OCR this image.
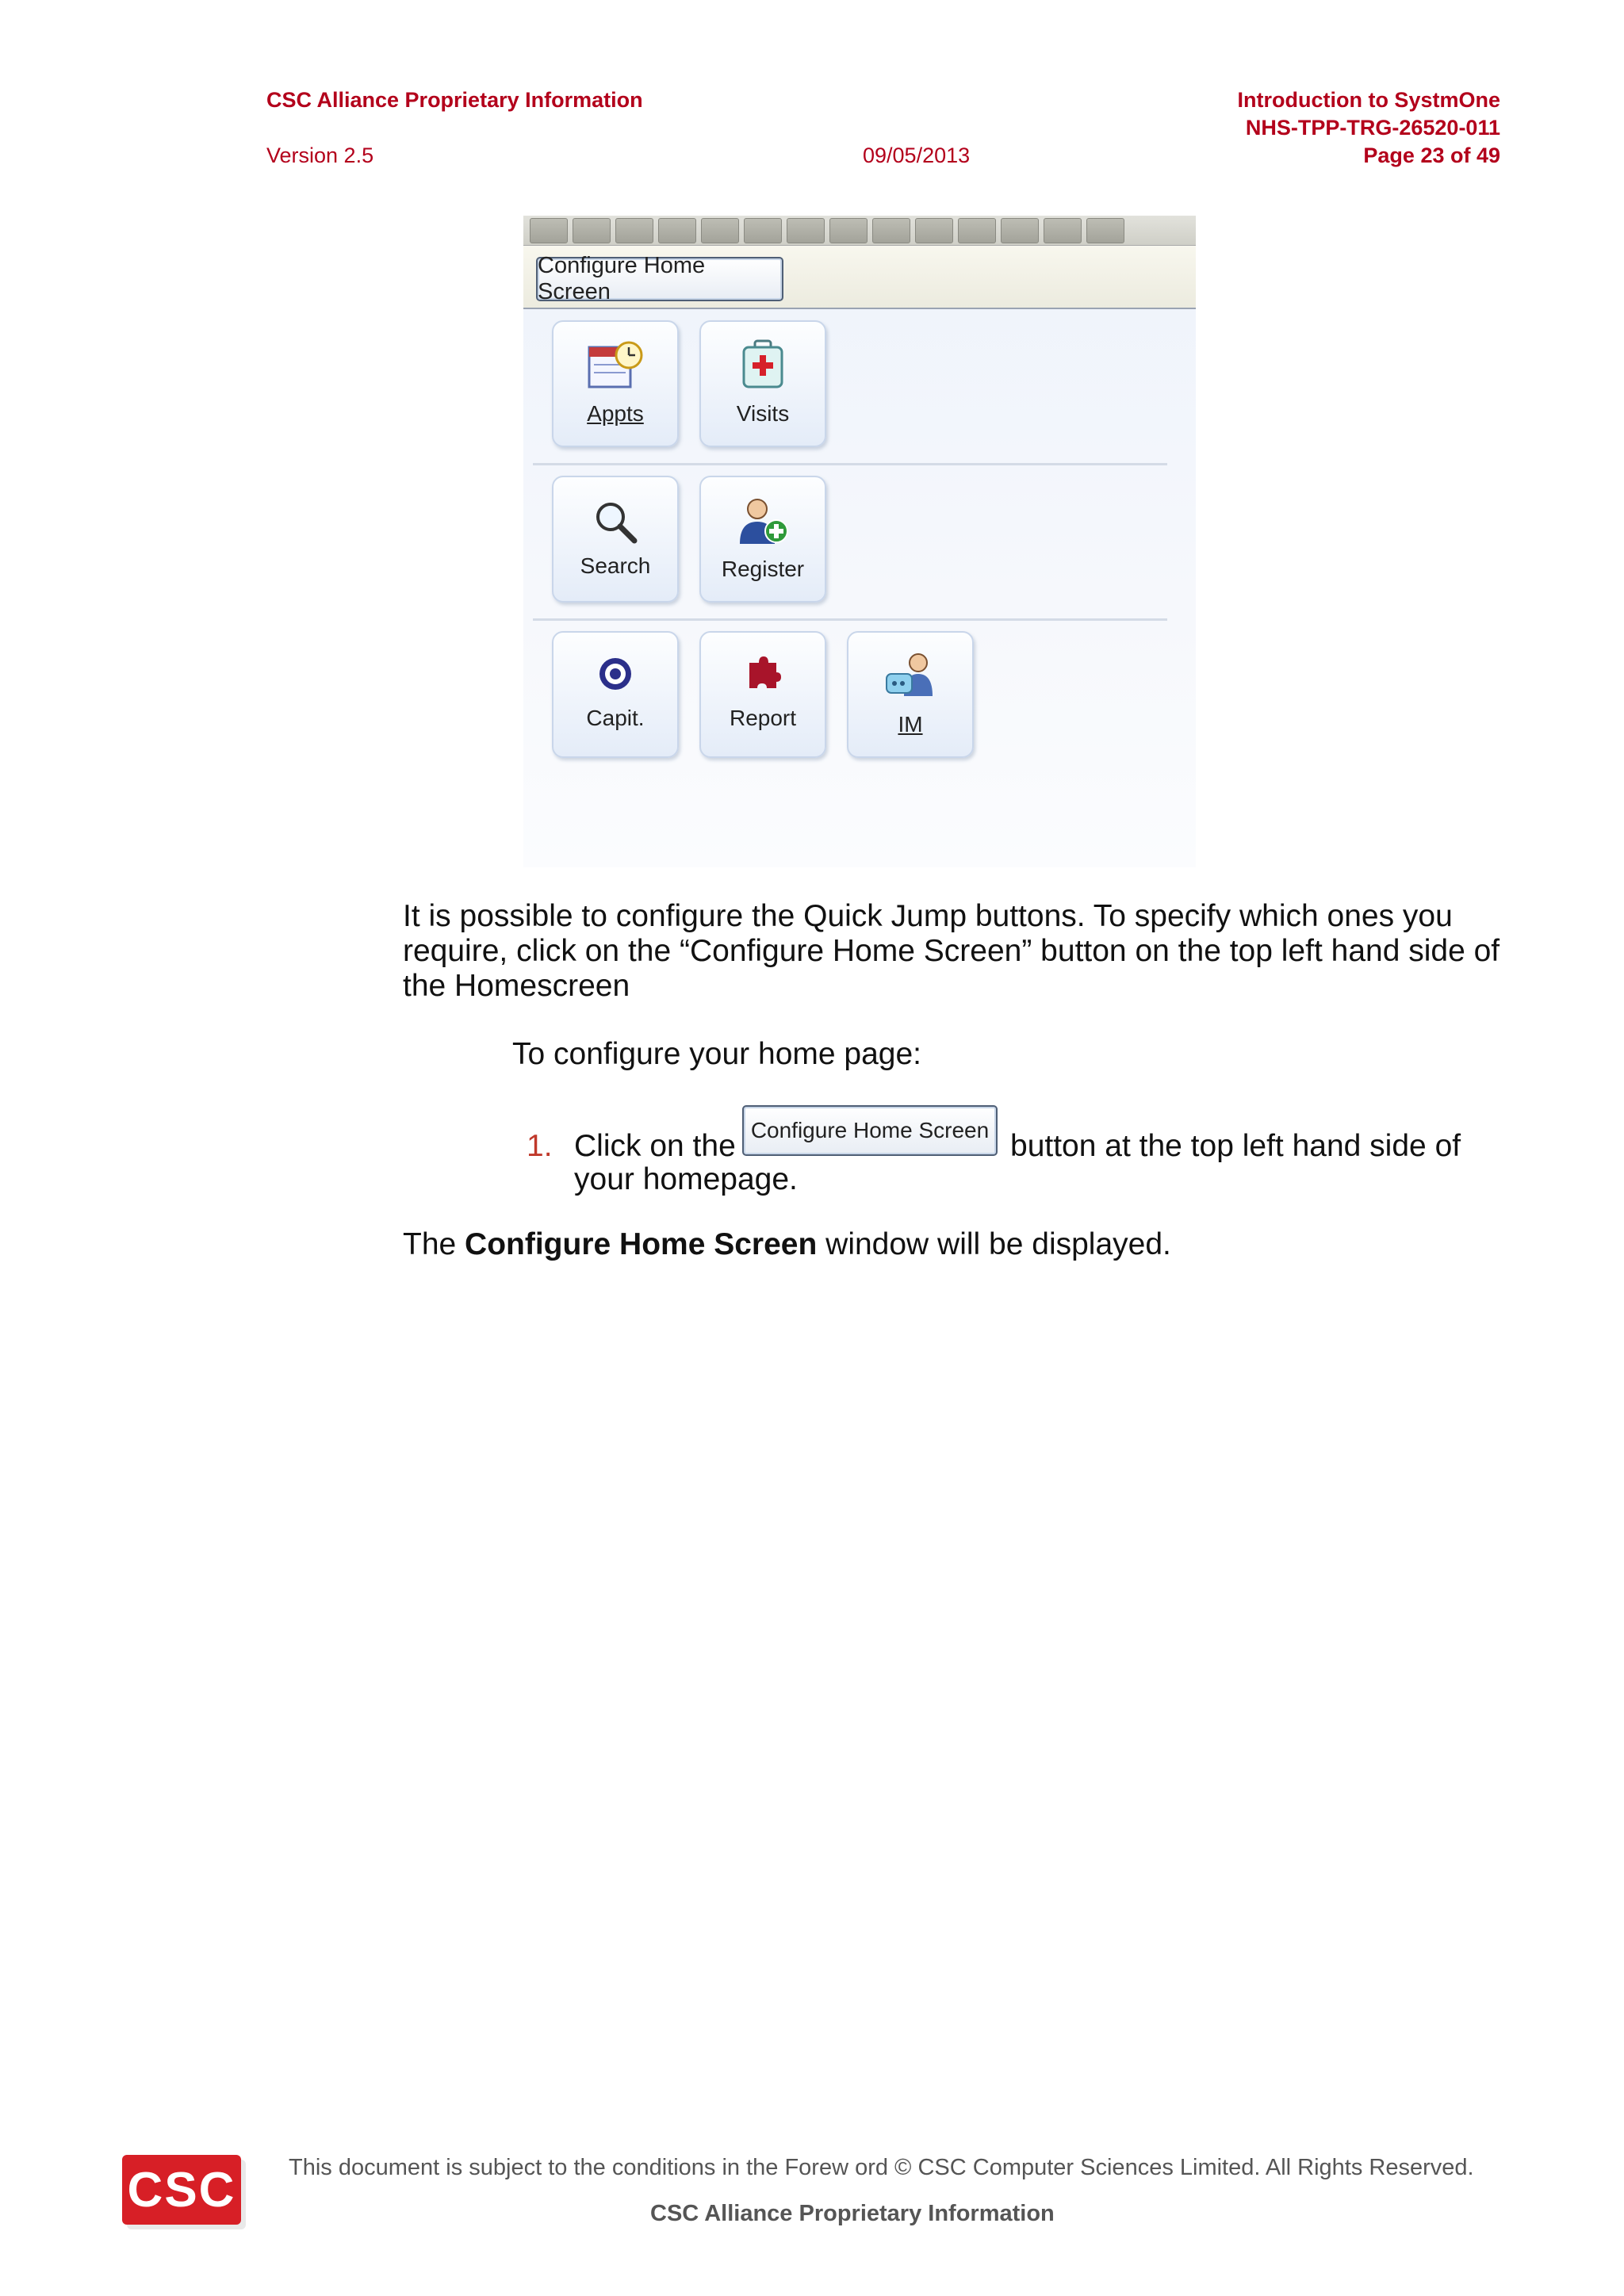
CSC Alliance Proprietary Information
Version 2.5	09/05/2013
Introduction to SystmOne
NHS-TPP-TRG-26520-011
Page 23 of 49
Configure Home Screen
Appts	Visits
Search	Register
Capit.	Report	IM
It is possible to configure the Quick Jump buttons. To specify which ones you
require, click on the “Configure Home Screen” button on the top left hand side of
the Homescreen
To configure your home page:
1. Click on the Configure Home Screen button at the top left hand side of
your homepage.
The Configure Home Screen window will be displayed.
CSC This document is subject to the conditions in the Forew ord © CSC Computer Sciences Limited. All Rights Reserved.
CSC Alliance Proprietary Information
